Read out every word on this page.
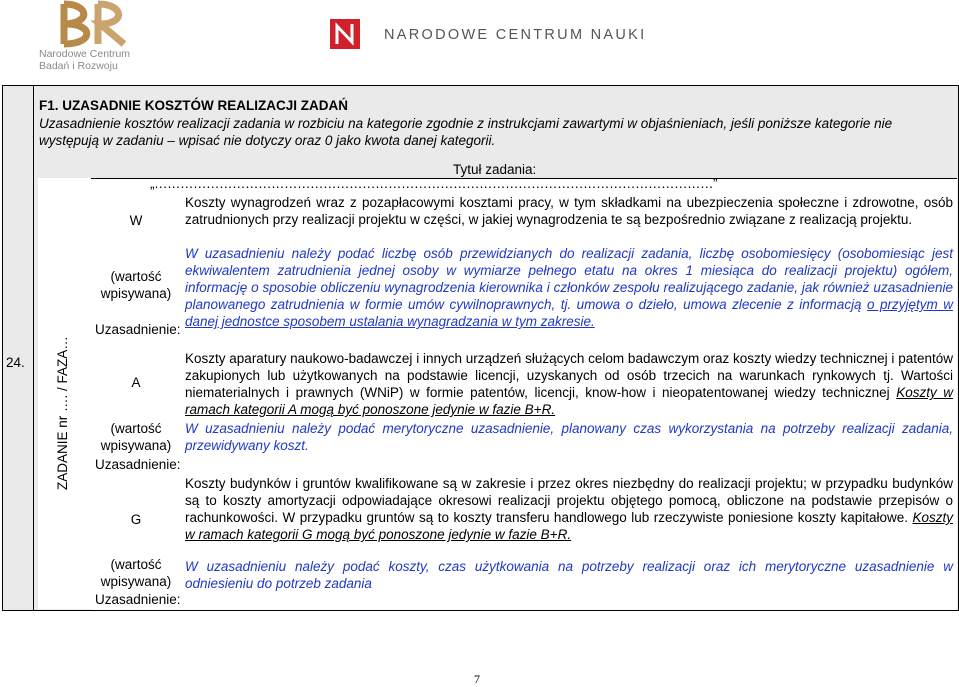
Narodowe Centrum
Badań i Rozwoju
NARODOWE CENTRUM NAUKI
24. ZADANIE nr …. / FAZA…
F1. UZASADNIE KOSZTÓW REALIZACJI ZADAŃ
Uzasadnienie kosztów realizacji zadania w rozbiciu na kategorie zgodnie z instrukcjami zawartymi w objaśnieniach, jeśli poniższe kategorie nie występują w zadaniu – wpisać nie dotyczy oraz 0 jako kwota danej kategorii.
Tytuł zadania:
„…………………………………………………………………………………………………………………”
W
(wartość wpisywana)
Uzasadnienie:
Koszty wynagrodzeń wraz z pozapłacowymi kosztami pracy, w tym składkami na ubezpieczenia społeczne i zdrowotne, osób zatrudnionych przy realizacji projektu w części, w jakiej wynagrodzenia te są bezpośrednio związane z realizacją projektu.
W uzasadnieniu należy podać liczbę osób przewidzianych do realizacji zadania, liczbę osobomiesięcy (osobomiesiąc jest ekwiwalentem zatrudnienia jednej osoby w wymiarze pełnego etatu na okres 1 miesiąca do realizacji projektu) ogółem, informację o sposobie obliczeniu wynagrodzenia kierownika i członków zespołu realizującego zadanie, jak również uzasadnienie planowanego zatrudnienia w formie umów cywilnoprawnych, tj. umowa o dzieło, umowa zlecenie z informacją o przyjętym w danej jednostce sposobem ustalania wynagradzania w tym zakresie.
A
(wartość wpisywana)
Uzasadnienie:
Koszty aparatury naukowo-badawczej i innych urządzeń służących celom badawczym oraz koszty wiedzy technicznej i patentów zakupionych lub użytkowanych na podstawie licencji, uzyskanych od osób trzecich na warunkach rynkowych tj. Wartości niematerialnych i prawnych (WNiP) w formie patentów, licencji, know-how i nieopatentowanej wiedzy technicznej Koszty w ramach kategorii A mogą być ponoszone jedynie w fazie B+R.
W uzasadnieniu należy podać merytoryczne uzasadnienie, planowany czas wykorzystania na potrzeby realizacji zadania, przewidywany koszt.
G
(wartość wpisywana)
Uzasadnienie:
Koszty budynków i gruntów kwalifikowane są w zakresie i przez okres niezbędny do realizacji projektu; w przypadku budynków są to koszty amortyzacji odpowiadające okresowi realizacji projektu objętego pomocą, obliczone na podstawie przepisów o rachunkowości. W przypadku gruntów są to koszty transferu handlowego lub rzeczywiste poniesione koszty kapitałowe. Koszty w ramach kategorii G mogą być ponoszone jedynie w fazie B+R.
W uzasadnieniu należy podać koszty, czas użytkowania na potrzeby realizacji oraz ich merytoryczne uzasadnienie w odniesieniu do potrzeb zadania
7
